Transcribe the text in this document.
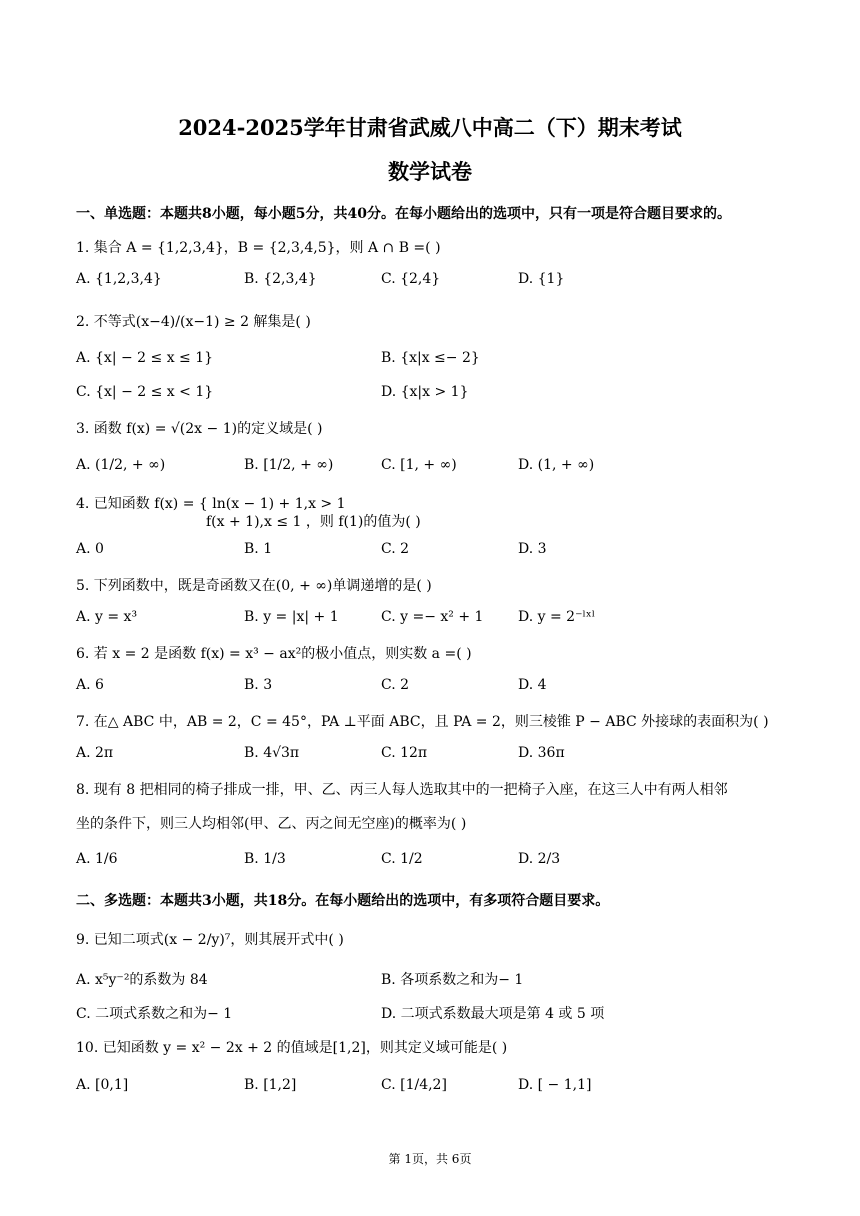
2024-2025学年甘肃省武威八中高二（下）期末考试
数学试卷
一、单选题：本题共8小题，每小题5分，共40分。在每小题给出的选项中，只有一项是符合题目要求的。
1. 集合 A = {1,2,3,4}，B = {2,3,4,5}，则 A ∩ B =( )
A. {1,2,3,4}	B. {2,3,4}	C. {2,4}	D. {1}
2. 不等式(x−4)/(x−1) ≥ 2 解集是( )
A. {x| − 2 ≤ x ≤ 1}	B. {x|x ≤− 2}
C. {x| − 2 ≤ x < 1}	D. {x|x > 1}
3. 函数 f(x) = √(2x − 1)的定义域是( )
A. (1/2, + ∞)	B. [1/2, + ∞)	C. [1, + ∞)	D. (1, + ∞)
4. 已知函数 f(x) = { ln(x − 1) + 1,x > 1
f(x + 1),x ≤ 1 ，则 f(1)的值为( )
A. 0	B. 1	C. 2	D. 3
5. 下列函数中，既是奇函数又在(0, + ∞)单调递增的是( )
A. y = x³	B. y = |x| + 1	C. y =− x² + 1 D. y = 2⁻ˡˣˡ
6. 若 x = 2 是函数 f(x) = x³ − ax²的极小值点，则实数 a =( )
A. 6	B. 3	C. 2	D. 4
7. 在△ ABC 中，AB = 2，C = 45°，PA ⊥平面 ABC，且 PA = 2，则三棱锥 P − ABC 外接球的表面积为( )
A. 2π	B. 4√3π	C. 12π	D. 36π
8. 现有 8 把相同的椅子排成一排，甲、乙、丙三人每人选取其中的一把椅子入座，在这三人中有两人相邻
坐的条件下，则三人均相邻(甲、乙、丙之间无空座)的概率为( )
A. 1/6	B. 1/3	C. 1/2	D. 2/3
二、多选题：本题共3小题，共18分。在每小题给出的选项中，有多项符合题目要求。
9. 已知二项式(x − 2/y)⁷，则其展开式中( )
A. x⁵y⁻²的系数为 84	B. 各项系数之和为− 1
C. 二项式系数之和为− 1	D. 二项式系数最大项是第 4 或 5 项
10. 已知函数 y = x² − 2x + 2 的值域是[1,2]，则其定义域可能是( )
A. [0,1]	B. [1,2]	C. [1/4,2]	D. [ − 1,1]
第 1页，共 6页
